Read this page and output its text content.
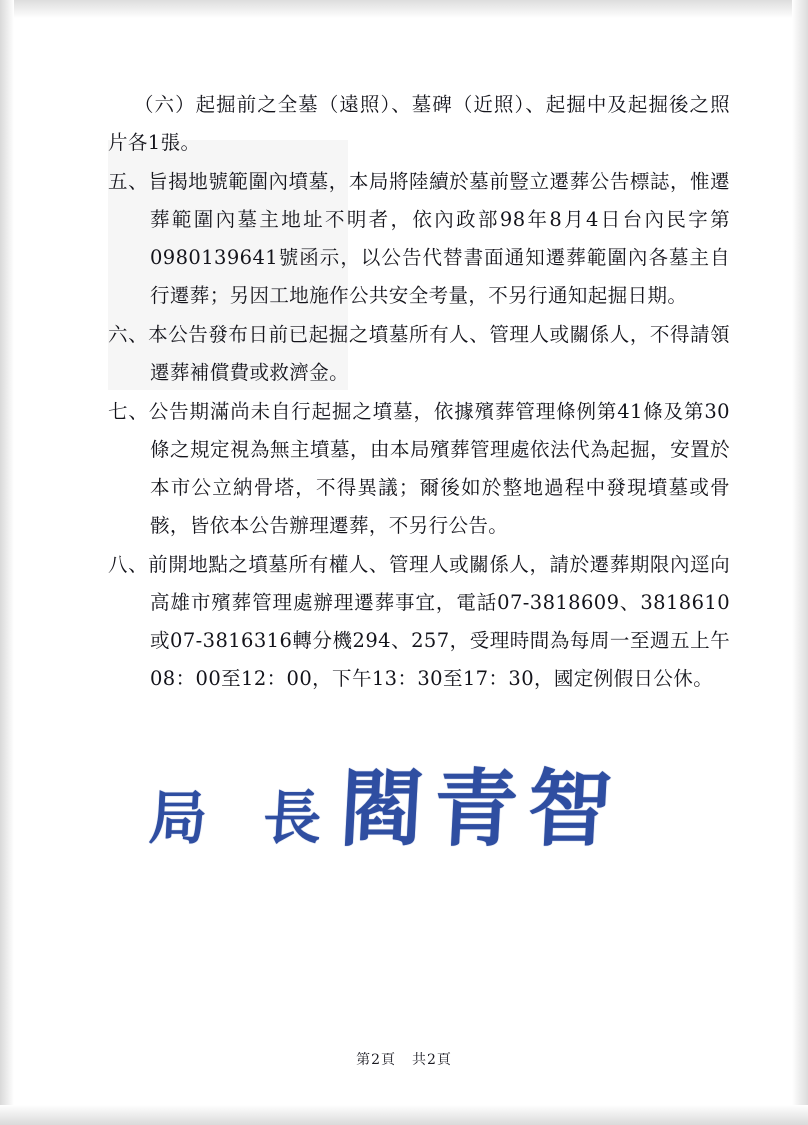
（六）起掘前之全墓（遠照）、墓碑（近照）、起掘中及起掘後之照片各1張。
五、旨揭地號範圍內墳墓，本局將陸續於墓前豎立遷葬公告標誌，惟遷葬範圍內墓主地址不明者，依內政部98年8月4日台內民字第0980139641號函示，以公告代替書面通知遷葬範圍內各墓主自行遷葬；另因工地施作公共安全考量，不另行通知起掘日期。
六、本公告發布日前已起掘之墳墓所有人、管理人或關係人，不得請領遷葬補償費或救濟金。
七、公告期滿尚未自行起掘之墳墓，依據殯葬管理條例第41條及第30條之規定視為無主墳墓，由本局殯葬管理處依法代為起掘，安置於本市公立納骨塔，不得異議；爾後如於整地過程中發現墳墓或骨骸，皆依本公告辦理遷葬，不另行公告。
八、前開地點之墳墓所有權人、管理人或關係人，請於遷葬期限內逕向高雄市殯葬管理處辦理遷葬事宜，電話07-3818609、3818610或07-3816316轉分機294、257，受理時間為每周一至週五上午08：00至12：00，下午13：30至17：30，國定例假日公休。
局 長閻青智
第2頁 共2頁
